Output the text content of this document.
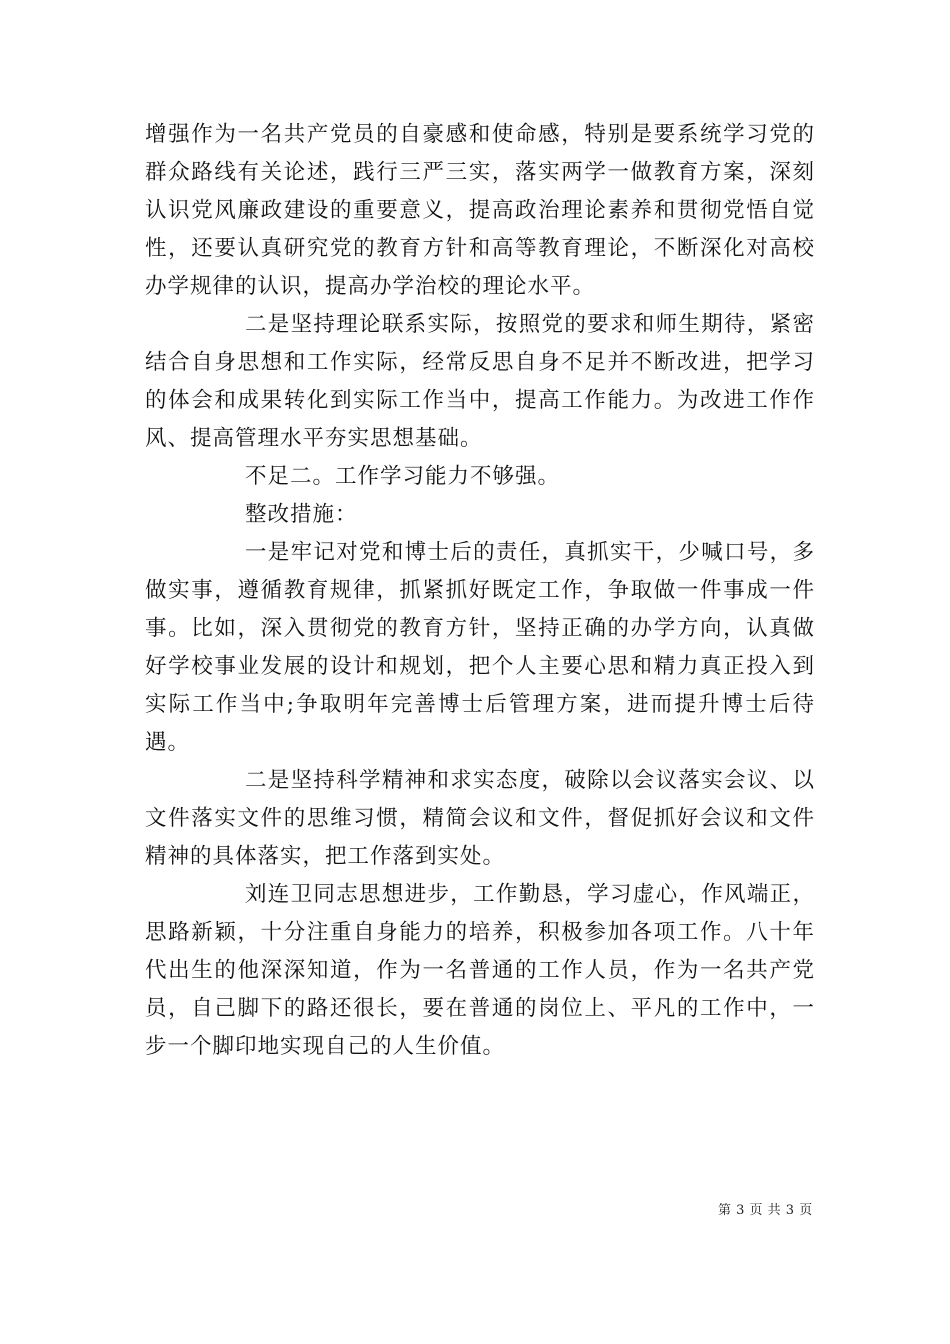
增强作为一名共产党员的自豪感和使命感，特别是要系统学习党的群众路线有关论述，践行三严三实，落实两学一做教育方案，深刻认识党风廉政建设的重要意义，提高政治理论素养和贯彻党悟自觉性，还要认真研究党的教育方针和高等教育理论，不断深化对高校办学规律的认识，提高办学治校的理论水平。

二是坚持理论联系实际，按照党的要求和师生期待，紧密结合自身思想和工作实际，经常反思自身不足并不断改进，把学习的体会和成果转化到实际工作当中，提高工作能力。为改进工作作风、提高管理水平夯实思想基础。

不足二。工作学习能力不够强。

整改措施：

一是牢记对党和博士后的责任，真抓实干，少喊口号，多做实事，遵循教育规律，抓紧抓好既定工作，争取做一件事成一件事。比如，深入贯彻党的教育方针，坚持正确的办学方向，认真做好学校事业发展的设计和规划，把个人主要心思和精力真正投入到实际工作当中;争取明年完善博士后管理方案，进而提升博士后待遇。

二是坚持科学精神和求实态度，破除以会议落实会议、以文件落实文件的思维习惯，精简会议和文件，督促抓好会议和文件精神的具体落实，把工作落到实处。

刘连卫同志思想进步，工作勤恳，学习虚心，作风端正，思路新颖，十分注重自身能力的培养，积极参加各项工作。八十年代出生的他深深知道，作为一名普通的工作人员，作为一名共产党员，自己脚下的路还很长，要在普通的岗位上、平凡的工作中，一步一个脚印地实现自己的人生价值。

第 3 页 共 3 页
